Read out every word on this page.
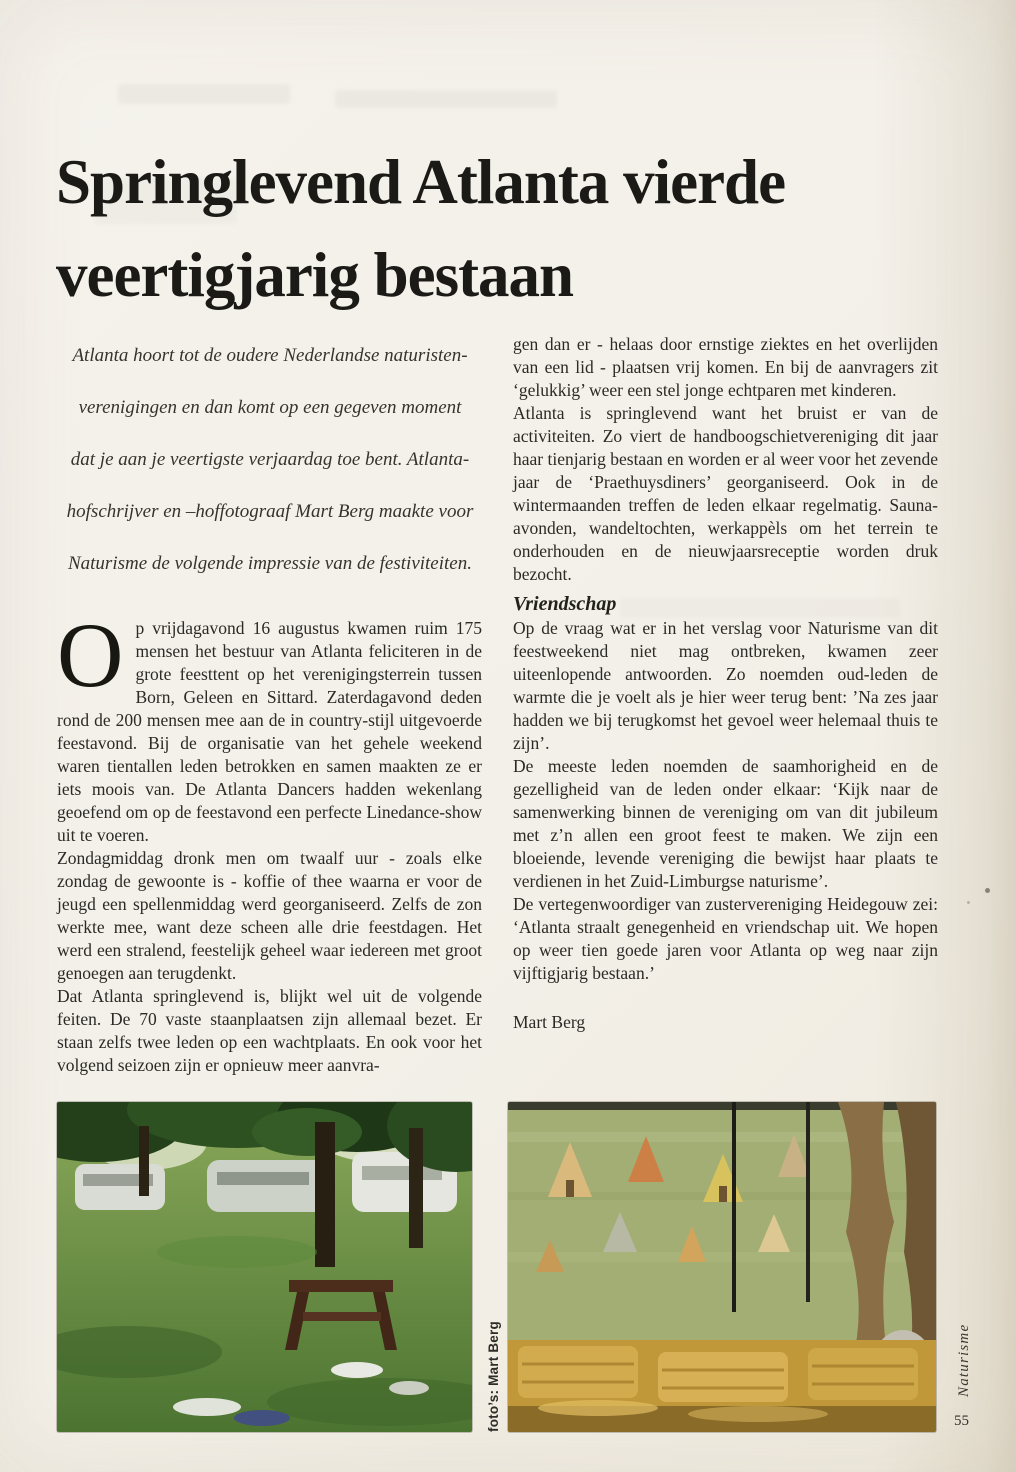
Springlevend Atlanta vierde
veertigjarig bestaan
Atlanta hoort tot de oudere Nederlandse naturisten-
verenigingen en dan komt op een gegeven moment
dat je aan je veertigste verjaardag toe bent. Atlanta-
hofschrijver en –hoffotograaf Mart Berg maakte voor
Naturisme de volgende impressie van de festiviteiten.

Op vrijdagavond 16 augustus kwamen ruim 175 mensen het bestuur van Atlanta feliciteren in de grote feesttent op het verenigingsterrein tussen Born, Geleen en Sittard. Zaterdagavond deden rond de 200 mensen mee aan de in country-stijl uitgevoerde feestavond. Bij de organisatie van het gehele weekend waren tientallen leden betrokken en samen maakten ze er iets moois van. De Atlanta Dancers hadden wekenlang geoefend om op de feestavond een perfecte Linedance-show uit te voeren.

Zondagmiddag dronk men om twaalf uur - zoals elke zondag de gewoonte is - koffie of thee waarna er voor de jeugd een spellenmiddag werd georganiseerd. Zelfs de zon werkte mee, want deze scheen alle drie feestdagen. Het werd een stralend, feestelijk geheel waar iedereen met groot genoegen aan terugdenkt.

Dat Atlanta springlevend is, blijkt wel uit de volgende feiten. De 70 vaste staanplaatsen zijn allemaal bezet. Er staan zelfs twee leden op een wachtplaats. En ook voor het volgend seizoen zijn er opnieuw meer aanvra-

gen dan er - helaas door ernstige ziektes en het overlijden van een lid - plaatsen vrij komen. En bij de aanvragers zit ‘gelukkig’ weer een stel jonge echtparen met kinderen.

Atlanta is springlevend want het bruist er van de activiteiten. Zo viert de handboogschietvereniging dit jaar haar tienjarig bestaan en worden er al weer voor het zevende jaar de ‘Praethuysdiners’ georganiseerd. Ook in de wintermaanden treffen de leden elkaar regelmatig. Sauna-avonden, wandeltochten, werkappèls om het terrein te onderhouden en de nieuwjaarsreceptie worden druk bezocht.

Vriendschap

Op de vraag wat er in het verslag voor Naturisme van dit feestweekend niet mag ontbreken, kwamen zeer uiteenlopende antwoorden. Zo noemden oud-leden de warmte die je voelt als je hier weer terug bent: ’Na zes jaar hadden we bij terugkomst het gevoel weer helemaal thuis te zijn’.

De meeste leden noemden de saamhorigheid en de gezelligheid van de leden onder elkaar: ‘Kijk naar de samenwerking binnen de vereniging om van dit jubileum met z’n allen een groot feest te maken. We zijn een bloeiende, levende vereniging die bewijst haar plaats te verdienen in het Zuid-Limburgse naturisme’.

De vertegenwoordiger van zustervereniging Heidegouw zei: ‘Atlanta straalt genegenheid en vriendschap uit. We hopen op weer tien goede jaren voor Atlanta op weg naar zijn vijftigjarig bestaan.’

Mart Berg

foto’s: Mart Berg	Naturisme
55
